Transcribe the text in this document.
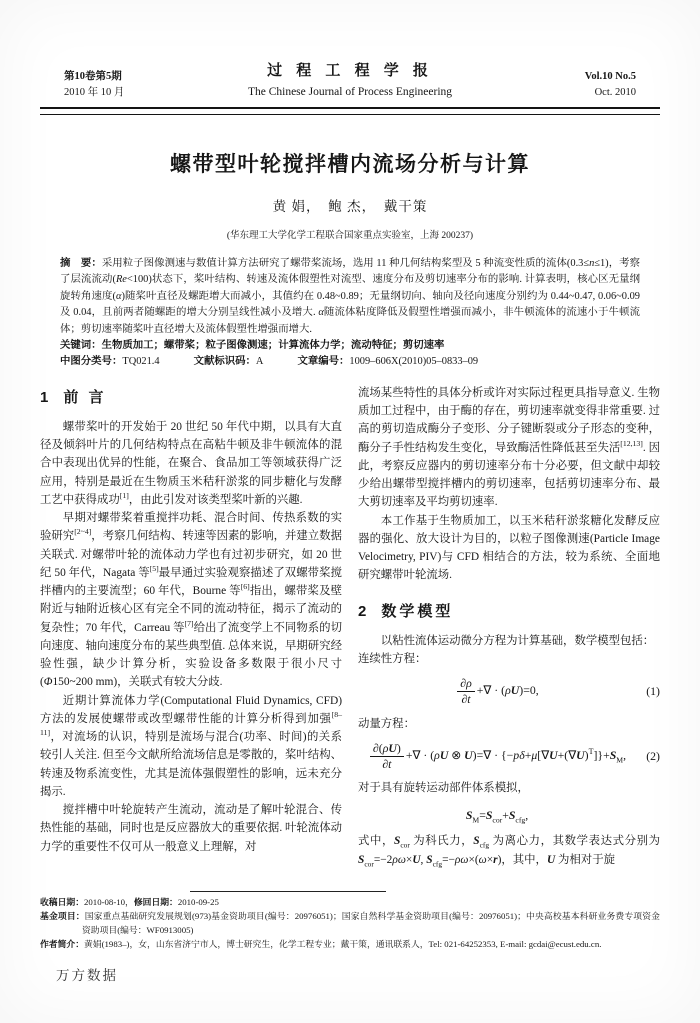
第10卷第5期
2010 年 10 月
过 程 工 程 学 报
The Chinese Journal of Process Engineering
Vol.10 No.5
Oct. 2010
螺带型叶轮搅拌槽内流场分析与计算
黄 娟，　鲍 杰，　戴干策
(华东理工大学化学工程联合国家重点实验室，上海 200237)

摘　要：采用粒子图像测速与数值计算方法研究了螺带桨流场，选用 11 种几何结构桨型及 5 种流变性质的流体(0.3≤n≤1)，考察了层流流动(Re<100)状态下，桨叶结构、转速及流体假塑性对流型、速度分布及剪切速率分布的影响. 计算表明，核心区无量纲旋转角速度(α)随桨叶直径及螺距增大而减小，其值约在 0.48~0.89；无量纲切向、轴向及径向速度分别约为 0.44~0.47, 0.06~0.09 及 0.04，且前两者随螺距的增大分别呈线性减小及增大. α随流体粘度降低及假塑性增强而减小，非牛顿流体的流速小于牛顿流体；剪切速率随桨叶直径增大及流体假塑性增强而增大.

关键词：生物质加工；螺带桨；粒子图像测速；计算流体力学；流动特征；剪切速率

中图分类号：TQ021.4	文献标识码：A	文章编号：1009–606X(2010)05–0833–09

1 前 言

螺带桨叶的开发始于 20 世纪 50 年代中期，以具有大直径及倾斜叶片的几何结构特点在高粘牛顿及非牛顿流体的混合中表现出优异的性能，在聚合、食品加工等领域获得广泛应用，特别是最近在生物质玉米秸秆淤浆的同步糖化与发酵工艺中获得成功[1]，由此引发对该类型桨叶新的兴趣.

早期对螺带桨着重搅拌功耗、混合时间、传热系数的实验研究[2~4]，考察几何结构、转速等因素的影响，并建立数据关联式. 对螺带叶轮的流体动力学也有过初步研究，如 20 世纪 50 年代，Nagata 等[5]最早通过实验观察描述了双螺带桨搅拌槽内的主要流型；60 年代，Bourne 等[6]指出，螺带桨及壁附近与轴附近核心区有完全不同的流动特征，揭示了流动的复杂性；70 年代，Carreau 等[7]给出了流变学上不同物系的切向速度、轴向速度分布的某些典型值. 总体来说，早期研究经验性强，缺少计算分析，实验设备多数限于很小尺寸(Φ150~200 mm)，关联式有较大分歧.

近期计算流体力学(Computational Fluid Dynamics, CFD)方法的发展使螺带或改型螺带性能的计算分析得到加强[8–11]，对流场的认识，特别是流场与混合(功率、时间)的关系较引人关注. 但至今文献所给流场信息是零散的，桨叶结构、转速及物系流变性，尤其是流体强假塑性的影响，远未充分揭示.

搅拌槽中叶轮旋转产生流动，流动是了解叶轮混合、传热性能的基础，同时也是反应器放大的重要依据. 叶轮流体动力学的重要性不仅可从一般意义上理解，对

流场某些特性的具体分析或许对实际过程更具指导意义. 生物质加工过程中，由于酶的存在，剪切速率就变得非常重要. 过高的剪切造成酶分子变形、分子键断裂或分子形态的变种，酶分子手性结构发生变化，导致酶活性降低甚至失活[12,13]. 因此，考察反应器内的剪切速率分布十分必要，但文献中却较少给出螺带型搅拌槽内的剪切速率，包括剪切速率分布、最大剪切速率及平均剪切速率.

本工作基于生物质加工，以玉米秸秆淤浆糖化发酵反应器的强化、放大设计为目的，以粒子图像测速(Particle Image Velocimetry, PIV)与 CFD 相结合的方法，较为系统、全面地研究螺带叶轮流场.

2 数学模型

以粘性流体运动微分方程为计算基础，数学模型包括：

连续性方程：

$\frac{\partial\rho}{\partial t}$ +∇ · (ρU)=0,	(1)

动量方程：

$\frac{\partial(\rho U)}{\partial t}$ +∇ · (ρU ⊗ $U)=\nabla \cdot \{-p\delta+\mu[\nabla U+(\nabla U)^T]\}+S_M$,	(2)

对于具有旋转运动部件体系模拟，

$S_M=S_{cor}+S_{cfg}$,

式中，$S_{cor}$ 为科氏力，$S_{cfg}$ 为离心力，其数学表达式分别为 $S_{cor}=-2\rho\omega\times U$, $S_{cfg}=-\rho\omega\times(\omega\times r)$，其中，U 为相对于旋

收稿日期：2010-08-10，修回日期：2010-09-25
基金项目：国家重点基础研究发展规划(973)基金资助项目(编号：20976051)；国家自然科学基金资助项目(编号：20976051)；中央高校基本科研业务费专项资金资助项目(编号：WF0913005)
作者简介：黄娟(1983–)，女，山东省济宁市人，博士研究生，化学工程专业；戴干策，通讯联系人，Tel: 021-64252353, E-mail: gcdai@ecust.edu.cn.
万方数据
